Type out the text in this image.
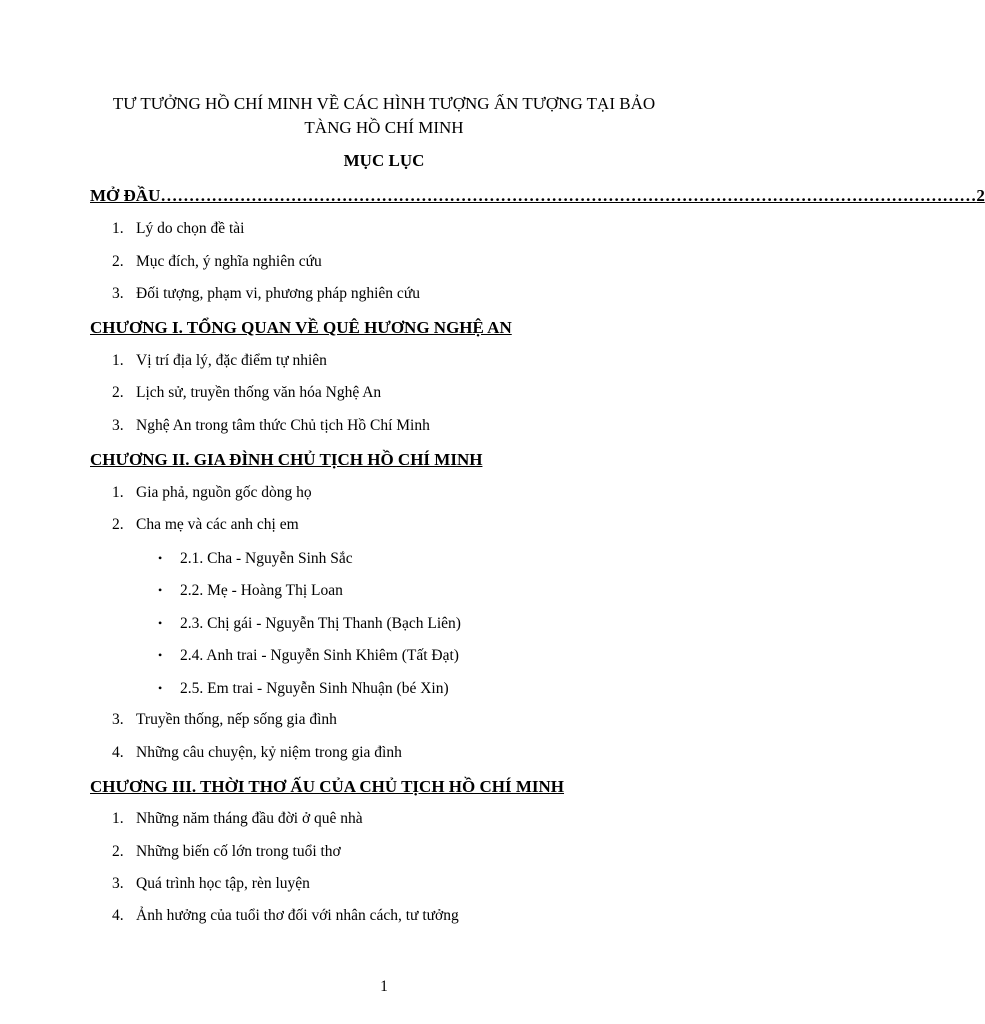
TƯ TƯỞNG HỒ CHÍ MINH VỀ CÁC HÌNH TƯỢNG ẤN TƯỢNG TẠI BẢO TÀNG HỒ CHÍ MINH
MỤC LỤC
MỞ ĐẦU ……………………………………………………………………………………………………………………………… 2
1. Lý do chọn đề tài
2. Mục đích, ý nghĩa nghiên cứu
3. Đối tượng, phạm vi, phương pháp nghiên cứu
CHƯƠNG I. TỔNG QUAN VỀ QUÊ HƯƠNG NGHỆ AN
1. Vị trí địa lý, đặc điểm tự nhiên
2. Lịch sử, truyền thống văn hóa Nghệ An
3. Nghệ An trong tâm thức Chủ tịch Hồ Chí Minh
CHƯƠNG II. GIA ĐÌNH CHỦ TỊCH HỒ CHÍ MINH
1. Gia phả, nguồn gốc dòng họ
2. Cha mẹ và các anh chị em
• 2.1. Cha - Nguyễn Sinh Sắc
• 2.2. Mẹ - Hoàng Thị Loan
• 2.3. Chị gái - Nguyễn Thị Thanh (Bạch Liên)
• 2.4. Anh trai - Nguyễn Sinh Khiêm (Tất Đạt)
• 2.5. Em trai - Nguyễn Sinh Nhuận (bé Xin)
3. Truyền thống, nếp sống gia đình
4. Những câu chuyện, kỷ niệm trong gia đình
CHƯƠNG III. THỜI THƠ ẤU CỦA CHỦ TỊCH HỒ CHÍ MINH
1. Những năm tháng đầu đời ở quê nhà
2. Những biến cố lớn trong tuổi thơ
3. Quá trình học tập, rèn luyện
4. Ảnh hưởng của tuổi thơ đối với nhân cách, tư tưởng
1
